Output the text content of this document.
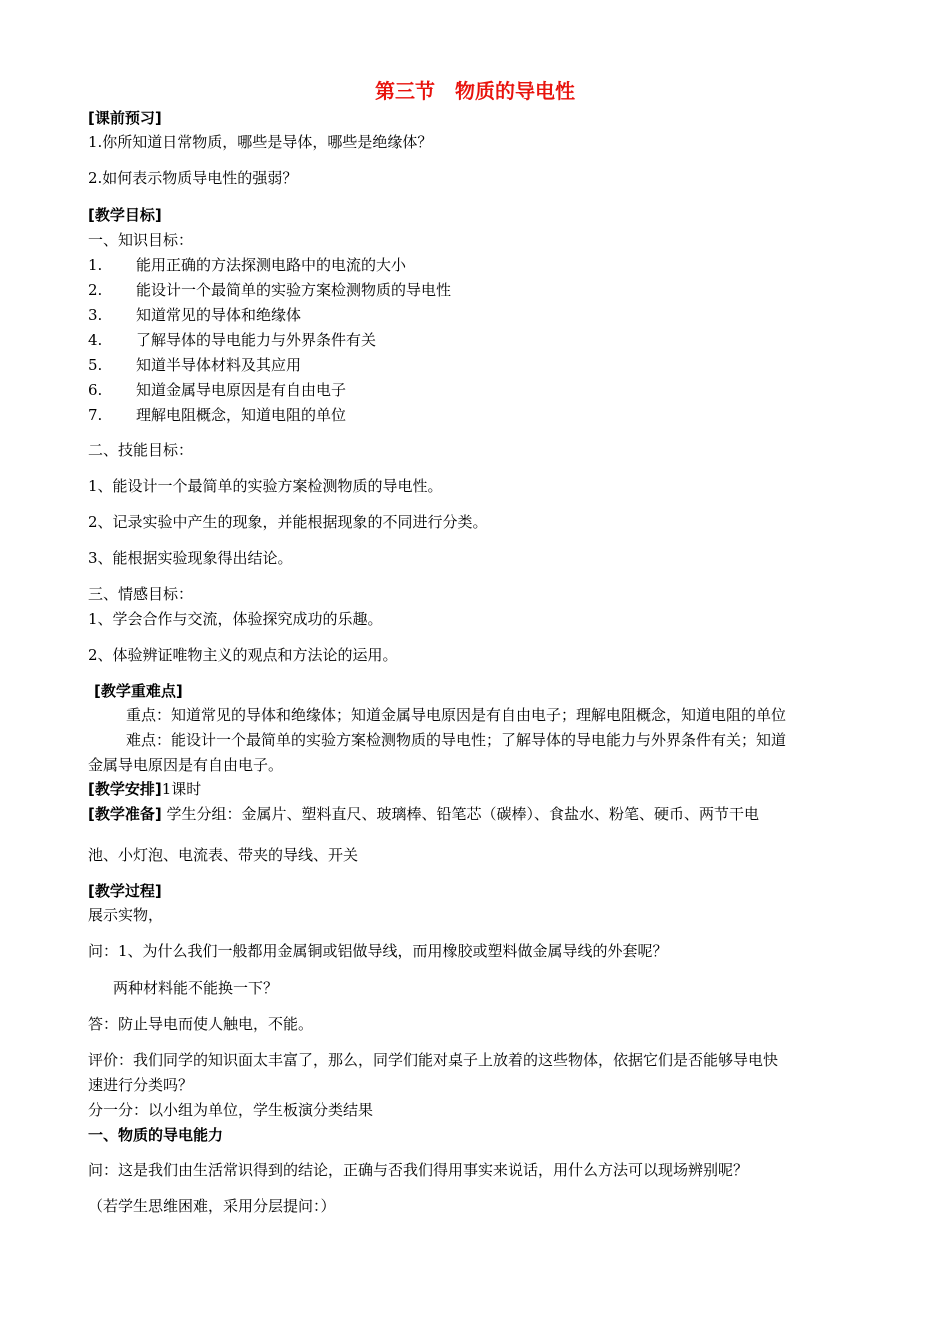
第三节　物质的导电性
[课前预习]
1.你所知道日常物质，哪些是导体，哪些是绝缘体？
2.如何表示物质导电性的强弱？
[教学目标]
一、知识目标：
1. 能用正确的方法探测电路中的电流的大小
2. 能设计一个最简单的实验方案检测物质的导电性
3. 知道常见的导体和绝缘体
4. 了解导体的导电能力与外界条件有关
5. 知道半导体材料及其应用
6. 知道金属导电原因是有自由电子
7. 理解电阻概念，知道电阻的单位
二、技能目标：
1、能设计一个最简单的实验方案检测物质的导电性。
2、记录实验中产生的现象，并能根据现象的不同进行分类。
3、能根据实验现象得出结论。
三、情感目标：
1、学会合作与交流，体验探究成功的乐趣。
2、体验辨证唯物主义的观点和方法论的运用。
[教学重难点]
重点：知道常见的导体和绝缘体；知道金属导电原因是有自由电子；理解电阻概念，知道电阻的单位
难点：能设计一个最简单的实验方案检测物质的导电性；了解导体的导电能力与外界条件有关；知道
金属导电原因是有自由电子。
[教学安排]1课时
[教学准备] 学生分组：金属片、塑料直尺、玻璃棒、铅笔芯（碳棒）、食盐水、粉笔、硬币、两节干电
池、小灯泡、电流表、带夹的导线、开关
[教学过程]
展示实物，
问：1、为什么我们一般都用金属铜或铝做导线，而用橡胶或塑料做金属导线的外套呢？
两种材料能不能换一下？
答：防止导电而使人触电，不能。
评价：我们同学的知识面太丰富了，那么，同学们能对桌子上放着的这些物体，依据它们是否能够导电快
速进行分类吗？
分一分：以小组为单位，学生板演分类结果
一、物质的导电能力
问：这是我们由生活常识得到的结论，正确与否我们得用事实来说话，用什么方法可以现场辨别呢？
（若学生思维困难，采用分层提问：）
